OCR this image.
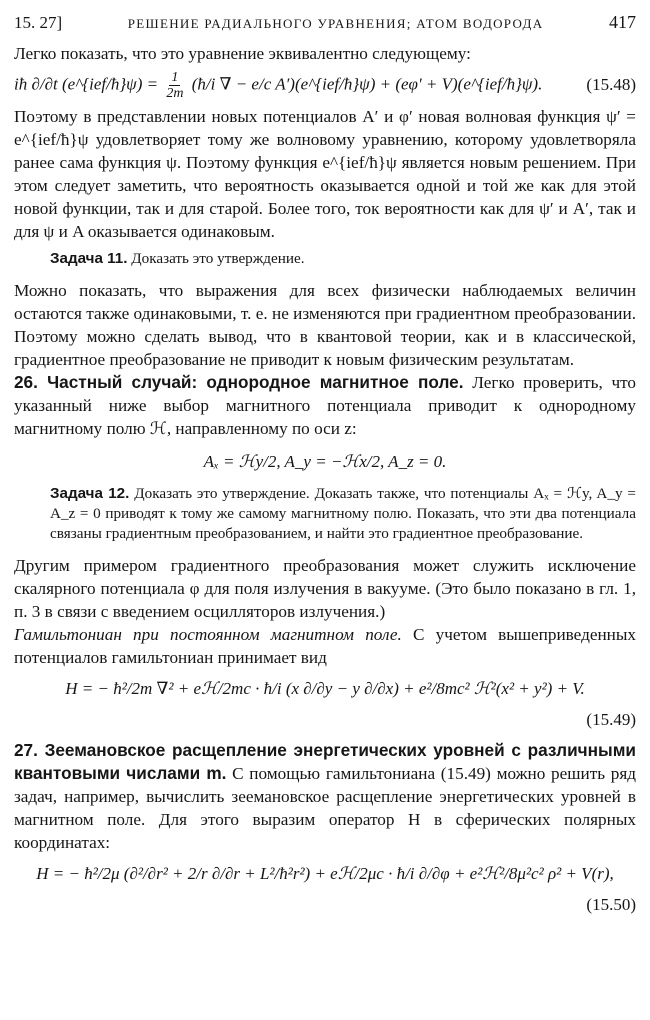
15. 27]	РЕШЕНИЕ РАДИАЛЬНОГО УРАВНЕНИЯ; АТОМ ВОДОРОДА	417

Легко показать, что это уравнение эквивалентно следующему:

iħ ∂/∂t (e^{ief/ħ}ψ) = $\frac{1}{2m}$ (ħ/i ∇ − e/c A′)(e^{ief/ħ}ψ) + (eφ′ + V)(e^{ief/ħ}ψ).	(15.48)

Поэтому в представлении новых потенциалов A′ и φ′ новая волновая функция ψ′ = e^{ief/ħ}ψ удовлетворяет тому же волновому уравнению, которому удовлетворяла ранее сама функция ψ. Поэтому функция e^{ief/ħ}ψ является новым решением. При этом следует заметить, что вероятность оказывается одной и той же как для этой новой функции, так и для старой. Более того, ток вероятности как для ψ′ и A′, так и для ψ и A оказывается одинаковым.

Задача 11. Доказать это утверждение.

Можно показать, что выражения для всех физически наблюдаемых величин остаются также одинаковыми, т. е. не изменяются при градиентном преобразовании. Поэтому можно сделать вывод, что в квантовой теории, как и в классической, градиентное преобразование не приводит к новым физическим результатам.

26. Частный случай: однородное магнитное поле. Легко проверить, что указанный ниже выбор магнитного потенциала приводит к однородному магнитному полю ℋ, направленному по оси z:

Aₓ = ℋy/2, A_y = −ℋx/2, A_z = 0.

Задача 12. Доказать это утверждение. Доказать также, что потенциалы Aₓ = ℋy, A_y = A_z = 0 приводят к тому же самому магнитному полю. Показать, что эти два потенциала связаны градиентным преобразованием, и найти это градиентное преобразование.

Другим примером градиентного преобразования может служить исключение скалярного потенциала φ для поля излучения в вакууме. (Это было показано в гл. 1, п. 3 в связи с введением осцилляторов излучения.)

Гамильтониан при постоянном магнитном поле. С учетом вышеприведенных потенциалов гамильтониан принимает вид

H = − ħ²/2m ∇² + eℋ/2mc · ħ/i (x ∂/∂y − y ∂/∂x) + e²/8mc² ℋ²(x² + y²) + V.
(15.49)

27. Зеемановское расщепление энергетических уровней с различными квантовыми числами m. С помощью гамильтониана (15.49) можно решить ряд задач, например, вычислить зеемановское расщепление энергетических уровней в магнитном поле. Для этого выразим оператор H в сферических полярных координатах:

H = − ħ²/2μ (∂²/∂r² + 2/r ∂/∂r + L²/ħ²r²) + eℋ/2μc · ħ/i ∂/∂φ + e²ℋ²/8μ²c² ρ² + V(r),
(15.50)
